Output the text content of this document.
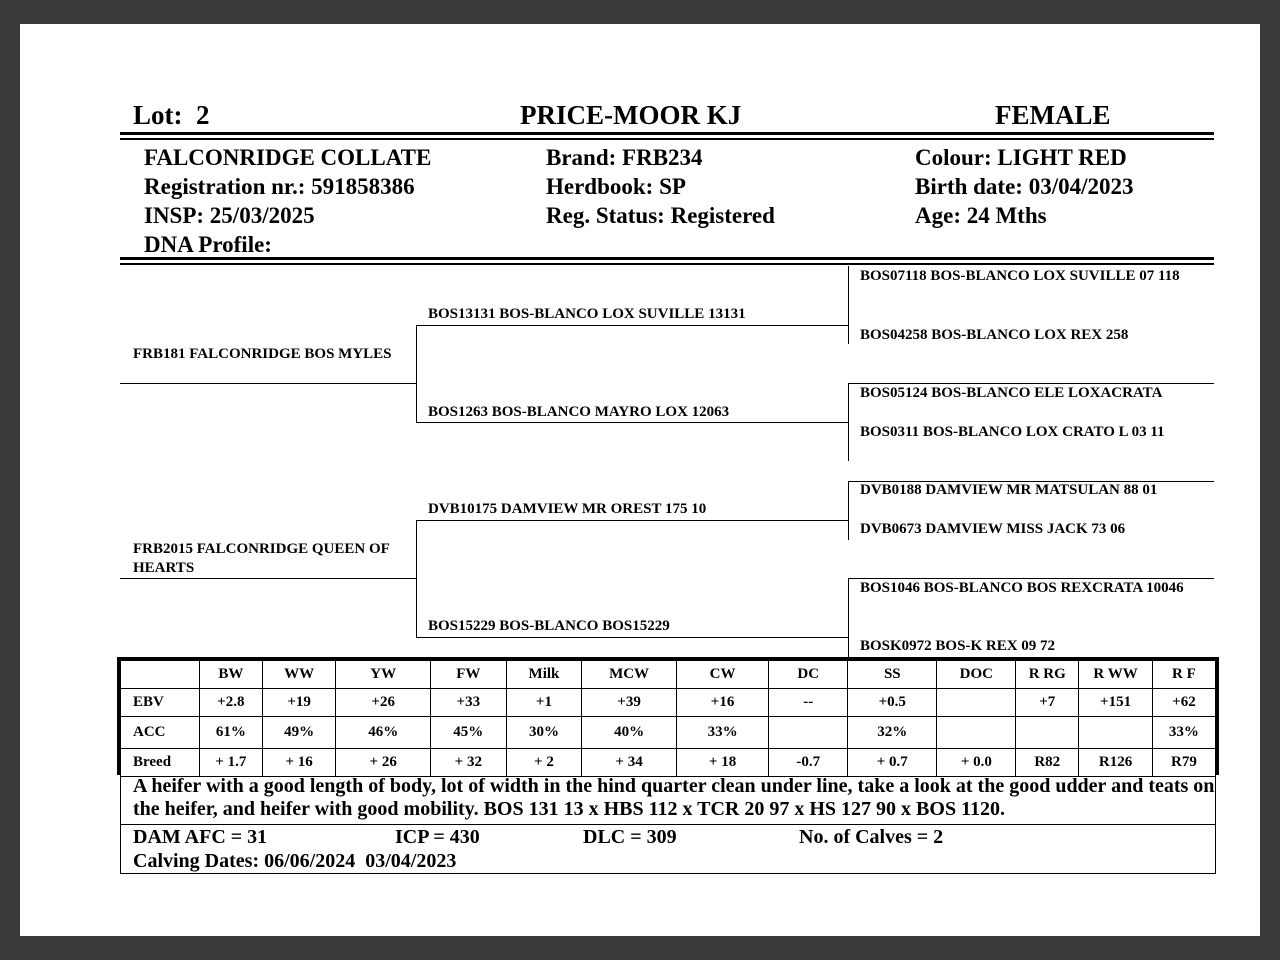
Lot: 2	PRICE-MOOR KJ	FEMALE
FALCONRIDGE COLLATE
Registration nr.: 591858386
INSP: 25/03/2025
DNA Profile:
Brand: FRB234
Herdbook: SP
Reg. Status: Registered
Colour: LIGHT RED
Birth date: 03/04/2023
Age: 24 Mths
FRB181 FALCONRIDGE BOS MYLES
FRB2015 FALCONRIDGE QUEEN OF HEARTS
BOS13131 BOS-BLANCO LOX SUVILLE 13131
BOS1263 BOS-BLANCO MAYRO LOX 12063
DVB10175 DAMVIEW MR OREST 175 10
BOS15229 BOS-BLANCO BOS15229
BOS07118 BOS-BLANCO LOX SUVILLE 07 118
BOS04258 BOS-BLANCO LOX REX 258
BOS05124 BOS-BLANCO ELE LOXACRATA
BOS0311 BOS-BLANCO LOX CRATO L 03 11
DVB0188 DAMVIEW MR MATSULAN 88 01
DVB0673 DAMVIEW MISS JACK 73 06
BOS1046 BOS-BLANCO BOS REXCRATA 10046
BOSK0972 BOS-K REX 09 72
	BW	WW	YW	FW	Milk	MCW	CW	DC	SS	DOC	R RG	R WW	R F
EBV	+2.8	+19	+26	+33	+1	+39	+16	--	+0.5		+7	+151	+62
ACC	61%	49%	46%	45%	30%	40%	33%		32%				33%
Breed	+ 1.7	+ 16	+ 26	+ 32	+ 2	+ 34	+ 18	-0.7	+ 0.7	+ 0.0	R82	R126	R79
A heifer with a good length of body, lot of width in the hind quarter clean under line, take a look at the good udder and teats on the heifer, and heifer with good mobility. BOS 131 13 x HBS 112 x TCR 20 97 x HS 127 90 x BOS 1120.
DAM AFC = 31	ICP = 430	DLC = 309	No. of Calves = 2
Calving Dates: 06/06/2024  03/04/2023
